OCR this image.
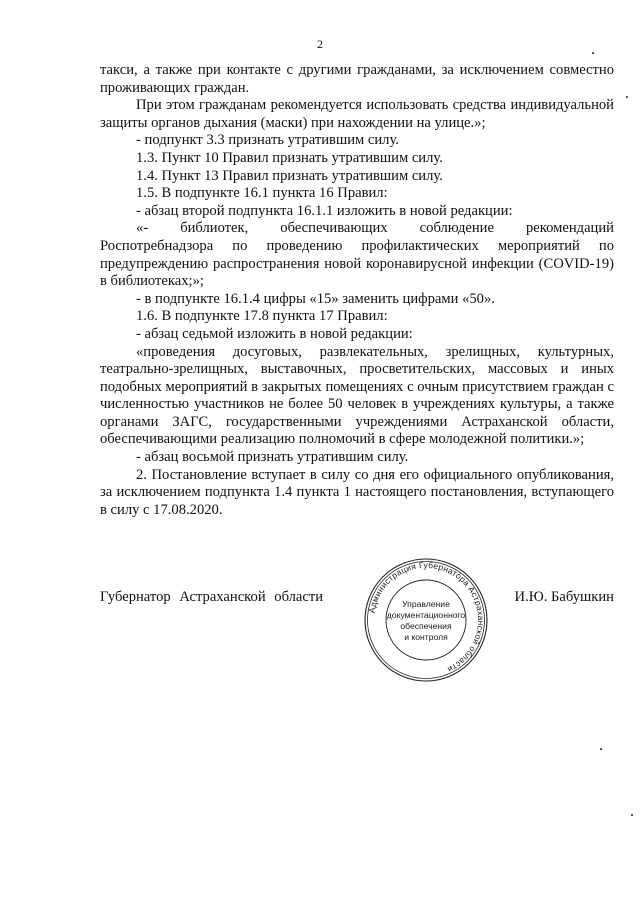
2

такси, а также при контакте с другими гражданами, за исключением совместно проживающих граждан.

При этом гражданам рекомендуется использовать средства индивидуальной защиты органов дыхания (маски) при нахождении на улице.»;

- подпункт 3.3 признать утратившим силу.

1.3. Пункт 10 Правил признать утратившим силу.

1.4. Пункт 13 Правил признать утратившим силу.

1.5. В подпункте 16.1 пункта 16 Правил:

- абзац второй подпункта 16.1.1 изложить в новой редакции:

«- библиотек, обеспечивающих соблюдение рекомендаций Роспотребнадзора по проведению профилактических мероприятий по предупреждению распространения новой коронавирусной инфекции (COVID-19) в библиотеках;»;

- в подпункте 16.1.4 цифры «15» заменить цифрами «50».

1.6. В подпункте 17.8 пункта 17 Правил:

- абзац седьмой изложить в новой редакции:

«проведения досуговых, развлекательных, зрелищных, культурных, театрально-зрелищных, выставочных, просветительских, массовых и иных подобных мероприятий в закрытых помещениях с очным присутствием граждан с численностью участников не более 50 человек в учреждениях культуры, а также органами ЗАГС, государственными учреждениями Астраханской области, обеспечивающими реализацию полномочий в сфере молодежной политики.»;

- абзац восьмой признать утратившим силу.

2. Постановление вступает в силу со дня его официального опубликования, за исключением подпункта 1.4 пункта 1 настоящего постановления, вступающего в силу с 17.08.2020.

Губернатор Астраханской области	И.Ю. Бабушкин
Администрация Губернатора Астраханской области
Управление
документационного
обеспечения
и контроля
